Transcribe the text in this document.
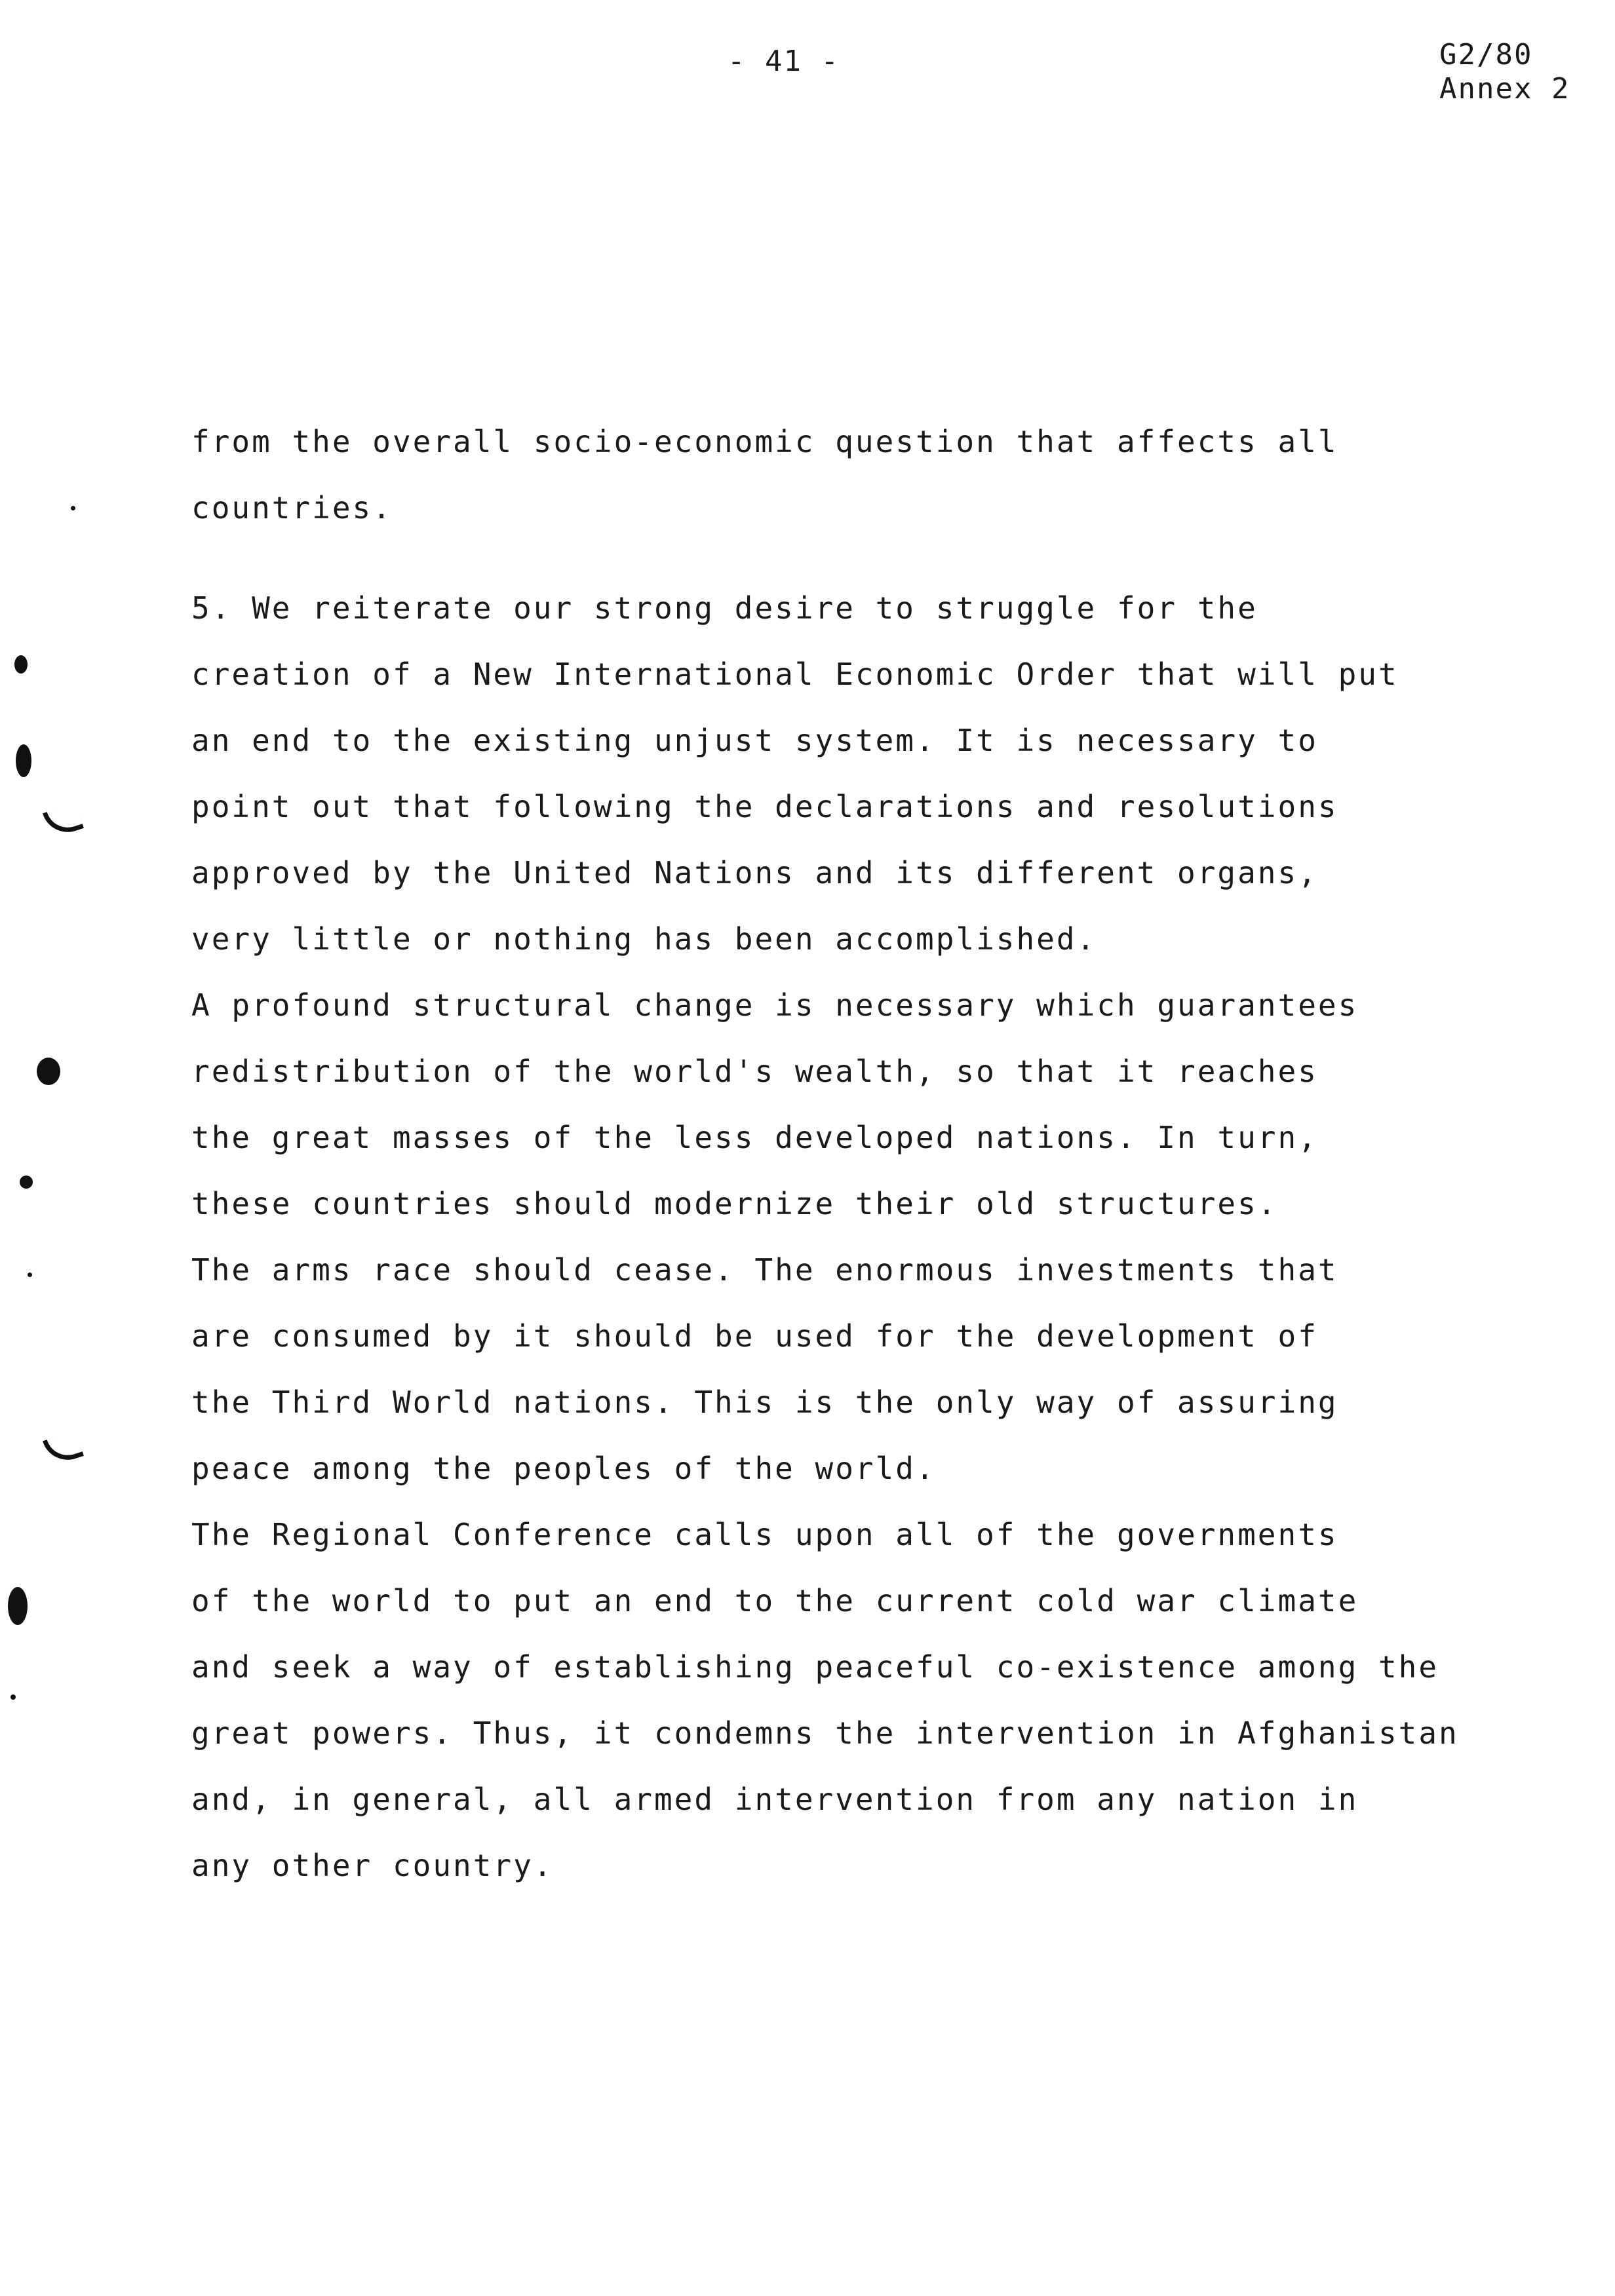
- 41 -	G2/80
Annex 2
from the overall socio-economic question that affects all
countries.
5. We reiterate our strong desire to struggle for the
creation of a New International Economic Order that will put
an end to the existing unjust system. It is necessary to
point out that following the declarations and resolutions
approved by the United Nations and its different organs,
very little or nothing has been accomplished.
A profound structural change is necessary which guarantees
redistribution of the world's wealth, so that it reaches
the great masses of the less developed nations. In turn,
these countries should modernize their old structures.
The arms race should cease. The enormous investments that
are consumed by it should be used for the development of
the Third World nations. This is the only way of assuring
peace among the peoples of the world.
The Regional Conference calls upon all of the governments
of the world to put an end to the current cold war climate
and seek a way of establishing peaceful co-existence among the
great powers. Thus, it condemns the intervention in Afghanistan
and, in general, all armed intervention from any nation in
any other country.
